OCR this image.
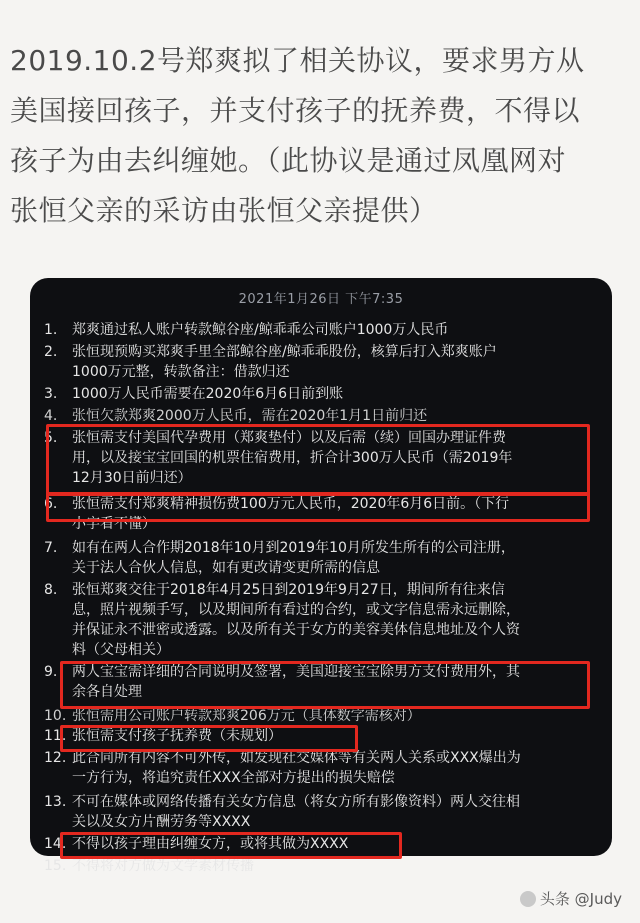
2019.10.2号郑爽拟了相关协议，要求男方从
美国接回孩子，并支付孩子的抚养费，不得以
孩子为由去纠缠她。（此协议是通过凤凰网对
张恒父亲的采访由张恒父亲提供）
2021年1月26日 下午7:35
1.	郑爽通过私人账户转款鲸谷座/鲸乖乖公司账户1000万人民币
2.	张恒现预购买郑爽手里全部鲸谷座/鲸乖乖股份，核算后打入郑爽账户
1000万元整，转款备注：借款归还
3.	1000万人民币需要在2020年6月6日前到账
4.	张恒欠款郑爽2000万人民币，需在2020年1月1日前归还
5.	张恒需支付美国代孕费用（郑爽垫付）以及后需（续）回国办理证件费
用，以及接宝宝回国的机票住宿费用，折合计300万人民币（需2019年
12月30日前归还）
6.	张恒需支付郑爽精神损伤费100万元人民币，2020年6月6日前。（下行
小字看不懂）
7.	如有在两人合作期2018年10月到2019年10月所发生所有的公司注册，
关于法人合伙人信息，如有更改请变更所需的信息
8.	张恒郑爽交往于2018年4月25日到2019年9月27日，期间所有往来信
息，照片视频手写，以及期间所有看过的合约，或文字信息需永远删除，
并保证永不泄密或透露。以及所有关于女方的美容美体信息地址及个人资
料（父母相关）
9.	两人宝宝需详细的合同说明及签署，美国迎接宝宝除男方支付费用外，其
余各自处理
10. 张恒需用公司账户转款郑爽206万元（具体数字需核对）
11. 张恒需支付孩子抚养费（未规划）
12. 此合同所有内容不可外传，如发现社交媒体等有关两人关系或XXX爆出为
一方行为，将追究责任XXX全部对方提出的损失赔偿
13. 不可在媒体或网络传播有关女方信息（将女方所有影像资料）两人交往相
关以及女方片酬劳务等XXXX
14. 不得以孩子理由纠缠女方，或将其做为XXXX
15. 不得将对方做为文学素材传播
头条 @Judy
